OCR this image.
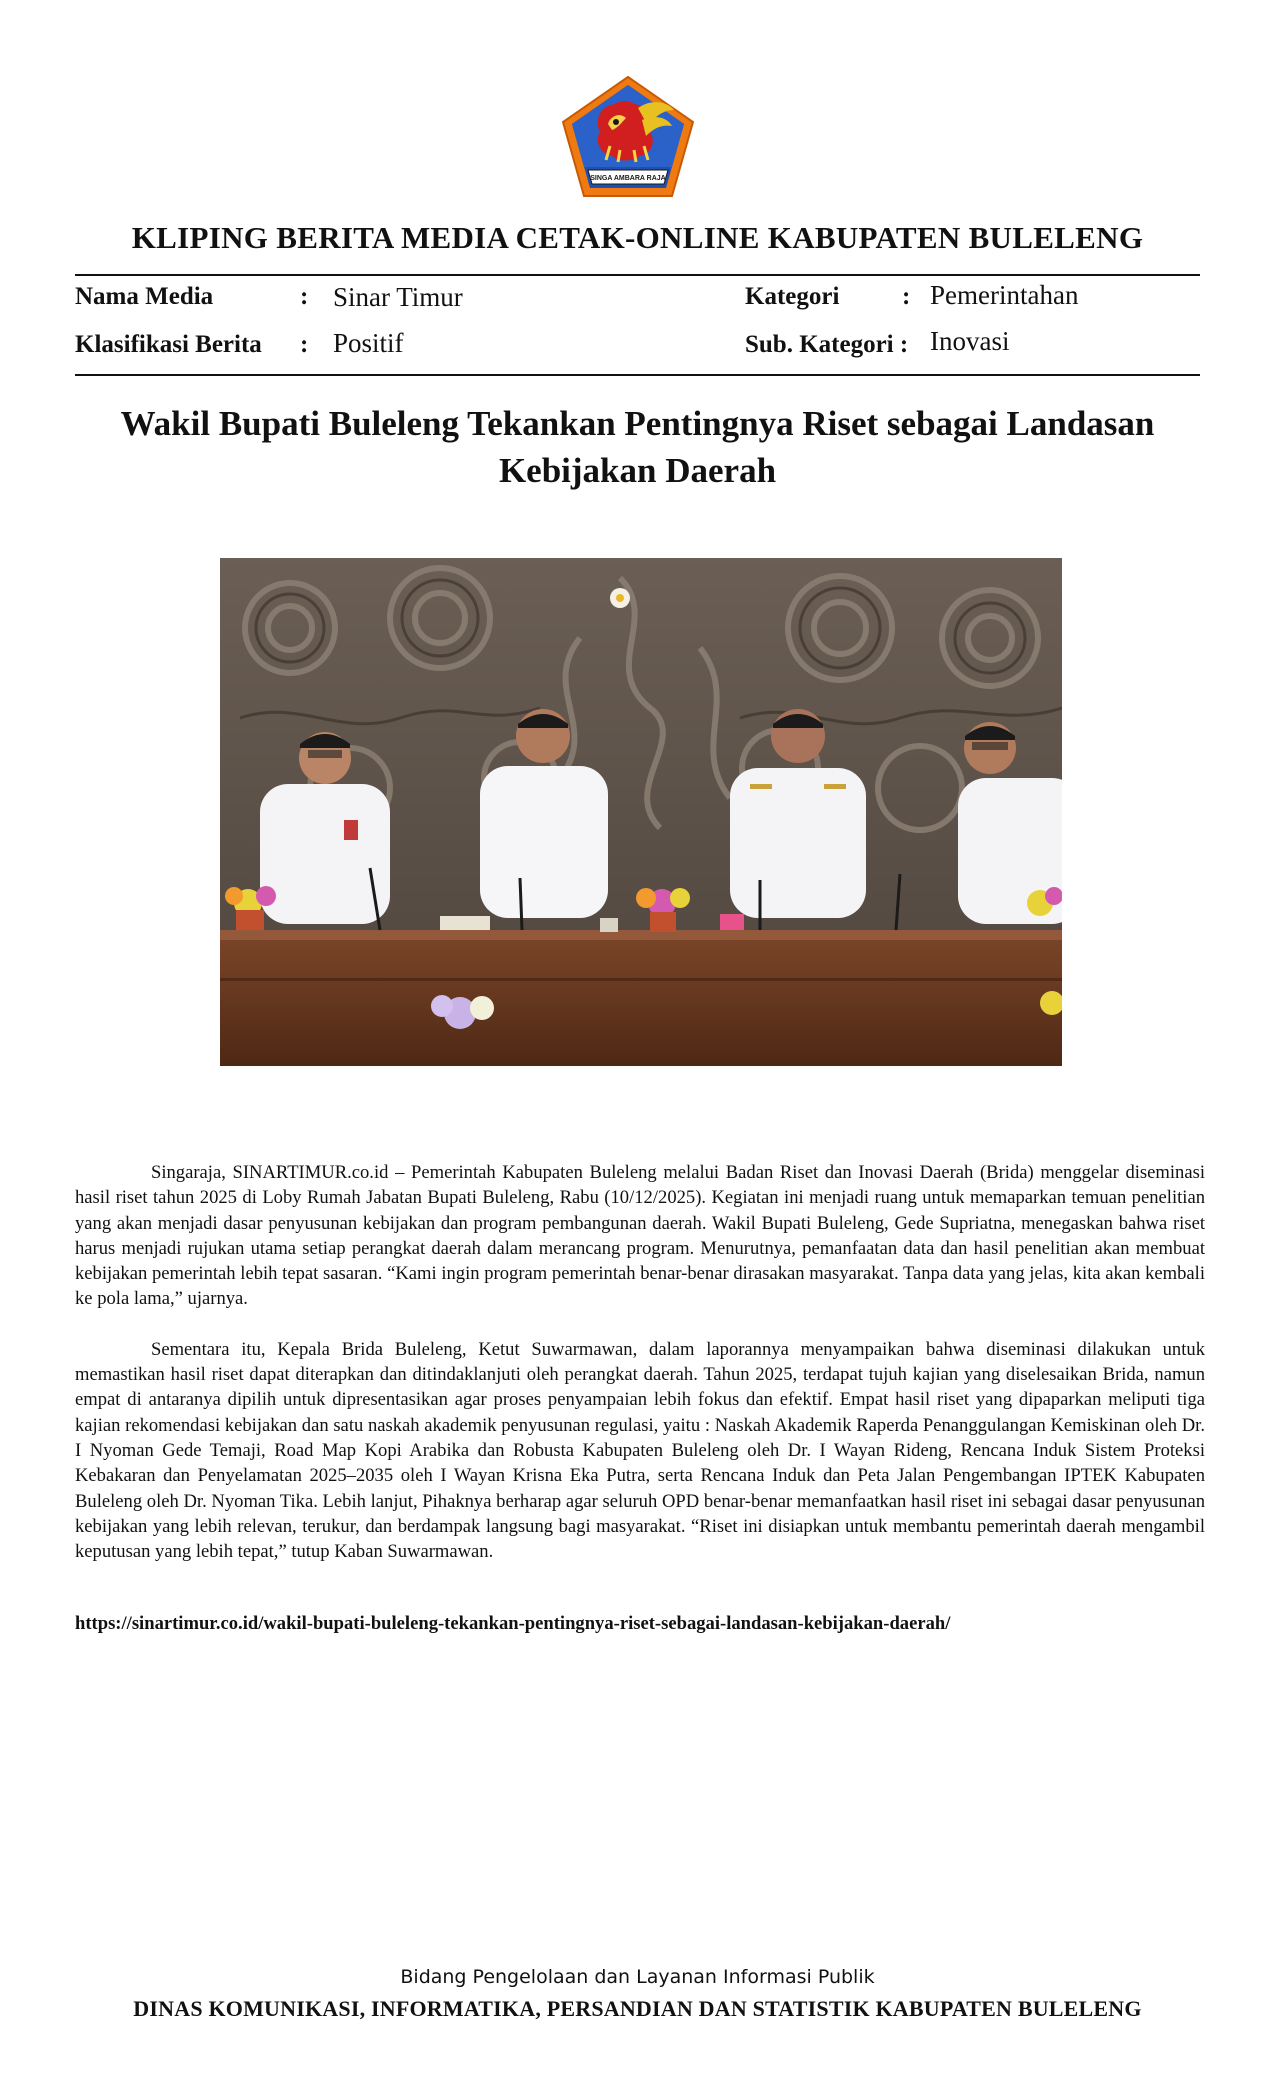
SINGA AMBARA RAJA
KLIPING BERITA MEDIA CETAK-ONLINE KABUPATEN BULELENG
Nama Media	: Sinar Timur	Kategori	: Pemerintahan
Klasifikasi Berita : Positif	Sub. Kategori : Inovasi
Wakil Bupati Buleleng Tekankan Pentingnya Riset sebagai Landasan Kebijakan Daerah

Singaraja, SINARTIMUR.co.id – Pemerintah Kabupaten Buleleng melalui Badan Riset dan Inovasi Daerah (Brida) menggelar diseminasi hasil riset tahun 2025 di Loby Rumah Jabatan Bupati Buleleng, Rabu (10/12/2025). Kegiatan ini menjadi ruang untuk memaparkan temuan penelitian yang akan menjadi dasar penyusunan kebijakan dan program pembangunan daerah. Wakil Bupati Buleleng, Gede Supriatna, menegaskan bahwa riset harus menjadi rujukan utama setiap perangkat daerah dalam merancang program. Menurutnya, pemanfaatan data dan hasil penelitian akan membuat kebijakan pemerintah lebih tepat sasaran. “Kami ingin program pemerintah benar-benar dirasakan masyarakat. Tanpa data yang jelas, kita akan kembali ke pola lama,” ujarnya.

Sementara itu, Kepala Brida Buleleng, Ketut Suwarmawan, dalam laporannya menyampaikan bahwa diseminasi dilakukan untuk memastikan hasil riset dapat diterapkan dan ditindaklanjuti oleh perangkat daerah. Tahun 2025, terdapat tujuh kajian yang diselesaikan Brida, namun empat di antaranya dipilih untuk dipresentasikan agar proses penyampaian lebih fokus dan efektif. Empat hasil riset yang dipaparkan meliputi tiga kajian rekomendasi kebijakan dan satu naskah akademik penyusunan regulasi, yaitu : Naskah Akademik Raperda Penanggulangan Kemiskinan oleh Dr. I Nyoman Gede Temaji, Road Map Kopi Arabika dan Robusta Kabupaten Buleleng oleh Dr. I Wayan Rideng, Rencana Induk Sistem Proteksi Kebakaran dan Penyelamatan 2025–2035 oleh I Wayan Krisna Eka Putra, serta Rencana Induk dan Peta Jalan Pengembangan IPTEK Kabupaten Buleleng oleh Dr. Nyoman Tika. Lebih lanjut, Pihaknya berharap agar seluruh OPD benar-benar memanfaatkan hasil riset ini sebagai dasar penyusunan kebijakan yang lebih relevan, terukur, dan berdampak langsung bagi masyarakat. “Riset ini disiapkan untuk membantu pemerintah daerah mengambil keputusan yang lebih tepat,” tutup Kaban Suwarmawan.

https://sinartimur.co.id/wakil-bupati-buleleng-tekankan-pentingnya-riset-sebagai-landasan-kebijakan-daerah/
Bidang Pengelolaan dan Layanan Informasi Publik
DINAS KOMUNIKASI, INFORMATIKA, PERSANDIAN DAN STATISTIK KABUPATEN BULELENG
